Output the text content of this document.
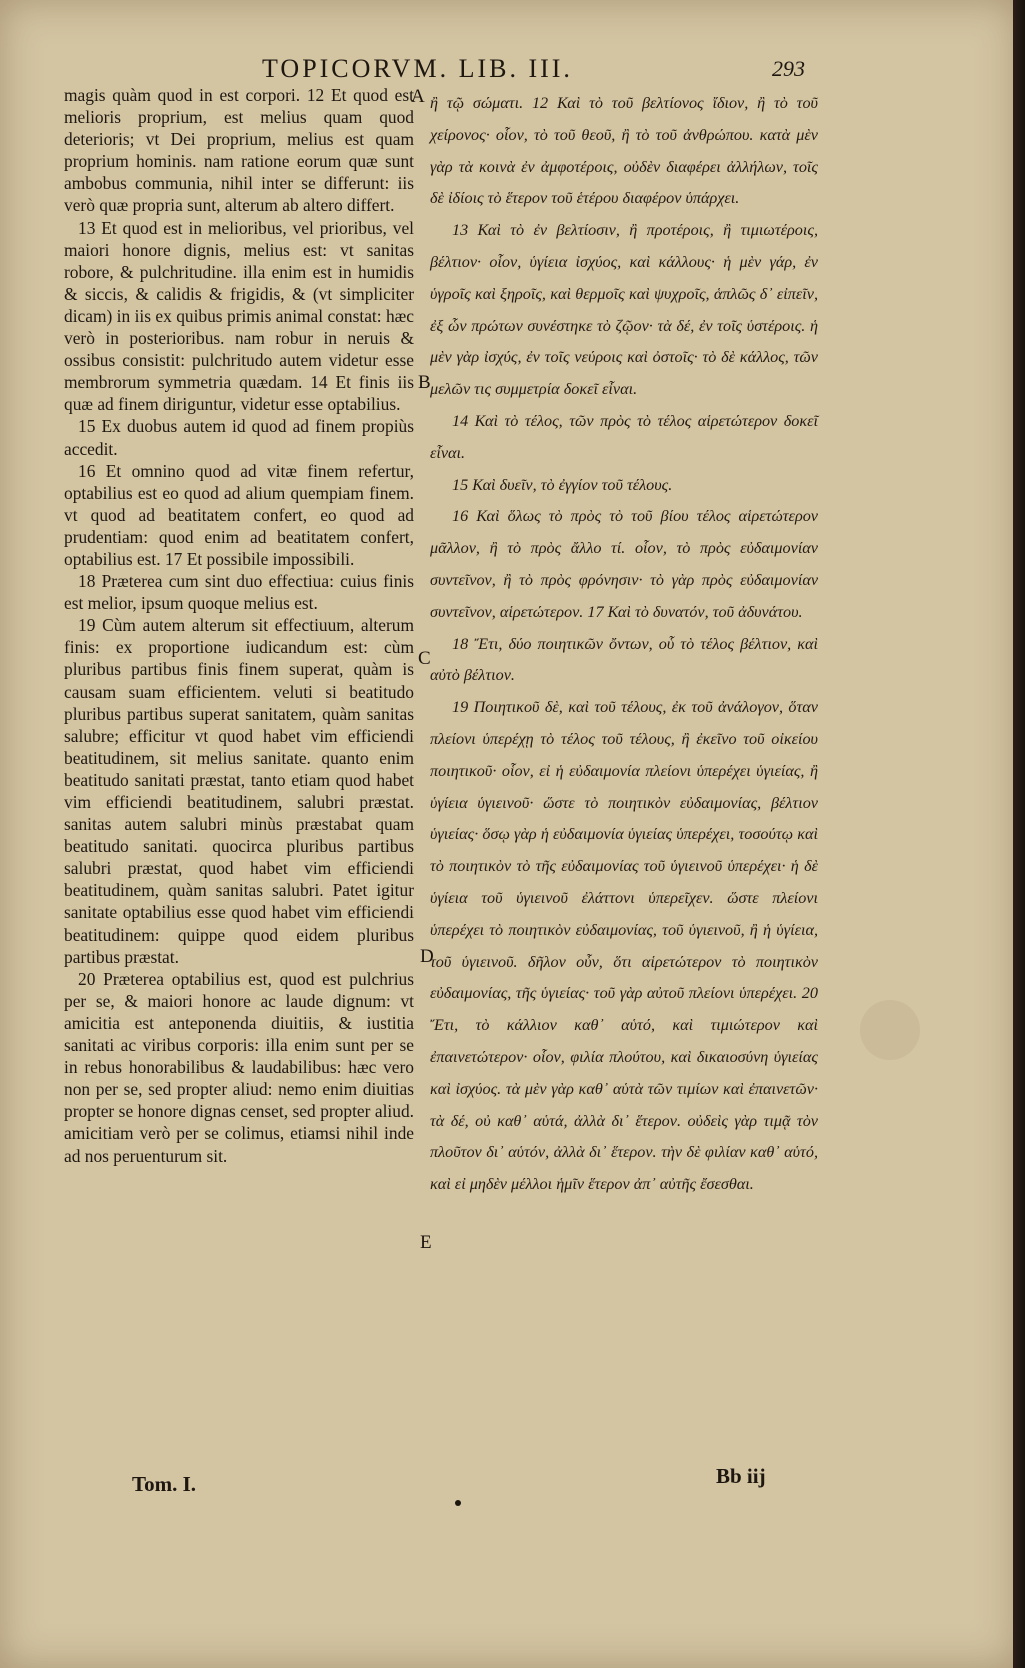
TOPICORVM. LIB. III.	293

magis quàm quod in est corpori. 12 Et quod est melioris proprium, est melius quam quod deterioris; vt Dei proprium, melius est quam proprium hominis. nam ratione eorum quæ sunt ambobus communia, nihil inter se differunt: iis verò quæ propria sunt, alterum ab altero differt.

13 Et quod est in melioribus, vel prioribus, vel maiori honore dignis, melius est: vt sanitas robore, & pulchritudine. illa enim est in humidis & siccis, & calidis & frigidis, & (vt simpliciter dicam) in iis ex quibus primis animal constat: hæc verò in posterioribus. nam robur in neruis & ossibus consistit: pulchritudo autem videtur esse membrorum symmetria quædam. 14 Et finis iis quæ ad finem diriguntur, videtur esse optabilius.

15 Ex duobus autem id quod ad finem propiùs accedit.

16 Et omnino quod ad vitæ finem refertur, optabilius est eo quod ad alium quempiam finem. vt quod ad beatitatem confert, eo quod ad prudentiam: quod enim ad beatitatem confert, optabilius est. 17 Et possibile impossibili.

18 Præterea cum sint duo effectiua: cuius finis est melior, ipsum quoque melius est.

19 Cùm autem alterum sit effectiuum, alterum finis: ex proportione iudicandum est: cùm pluribus partibus finis finem superat, quàm is causam suam efficientem. veluti si beatitudo pluribus partibus superat sanitatem, quàm sanitas salubre; efficitur vt quod habet vim efficiendi beatitudinem, sit melius sanitate. quanto enim beatitudo sanitati præstat, tanto etiam quod habet vim efficiendi beatitudinem, salubri præstat. sanitas autem salubri minùs præstabat quam beatitudo sanitati. quocirca pluribus partibus salubri præstat, quod habet vim efficiendi beatitudinem, quàm sanitas salubri. Patet igitur sanitate optabilius esse quod habet vim efficiendi beatitudinem: quippe quod eidem pluribus partibus præstat.

20 Præterea optabilius est, quod est pulchrius per se, & maiori honore ac laude dignum: vt amicitia est anteponenda diuitiis, & iustitia sanitati ac viribus corporis: illa enim sunt per se in rebus honorabilibus & laudabilibus: hæc vero non per se, sed propter aliud: nemo enim diuitias propter se honore dignas censet, sed propter aliud. amicitiam verò per se colimus, etiamsi nihil inde ad nos peruenturum sit.

A
B
C
D
E

ἢ τῷ σώματι. 12 Καὶ τὸ τοῦ βελτίονος ἴδιον, ἢ τὸ τοῦ χείρονος· οἷον, τὸ τοῦ θεοῦ, ἢ τὸ τοῦ ἀνθρώπου. κατὰ μὲν γὰρ τὰ κοινὰ ἐν ἀμφοτέροις, οὐδὲν διαφέρει ἀλλήλων, τοῖς δὲ ἰδίοις τὸ ἕτερον τοῦ ἑτέρου διαφέρον ὑπάρχει.

13 Καὶ τὸ ἐν βελτίοσιν, ἢ προτέροις, ἢ τιμιωτέροις, βέλτιον· οἷον, ὑγίεια ἰσχύος, καὶ κάλλους· ἡ μὲν γάρ, ἐν ὑγροῖς καὶ ξηροῖς, καὶ θερμοῖς καὶ ψυχροῖς, ἁπλῶς δ᾽ εἰπεῖν, ἐξ ὧν πρώτων συνέστηκε τὸ ζῷον· τὰ δέ, ἐν τοῖς ὑστέροις. ἡ μὲν γὰρ ἰσχύς, ἐν τοῖς νεύροις καὶ ὀστοῖς· τὸ δὲ κάλλος, τῶν μελῶν τις συμμετρία δοκεῖ εἶναι.

14 Καὶ τὸ τέλος, τῶν πρὸς τὸ τέλος αἱρετώτερον δοκεῖ εἶναι.

15 Καὶ δυεῖν, τὸ ἐγγίον τοῦ τέλους.

16 Καὶ ὅλως τὸ πρὸς τὸ τοῦ βίου τέλος αἱρετώτερον μᾶλλον, ἢ τὸ πρὸς ἄλλο τί. οἷον, τὸ πρὸς εὐδαιμονίαν συντεῖνον, ἢ τὸ πρὸς φρόνησιν· τὸ γὰρ πρὸς εὐδαιμονίαν συντεῖνον, αἱρετώτερον. 17 Καὶ τὸ δυνατόν, τοῦ ἀδυνάτου.

18 Ἔτι, δύο ποιητικῶν ὄντων, οὗ τὸ τέλος βέλτιον, καὶ αὐτὸ βέλτιον.

19 Ποιητικοῦ δὲ, καὶ τοῦ τέλους, ἐκ τοῦ ἀνάλογον, ὅταν πλείονι ὑπερέχῃ τὸ τέλος τοῦ τέλους, ἢ ἐκεῖνο τοῦ οἰκείου ποιητικοῦ· οἷον, εἰ ἡ εὐδαιμονία πλείονι ὑπερέχει ὑγιείας, ἢ ὑγίεια ὑγιεινοῦ· ὥστε τὸ ποιητικὸν εὐδαιμονίας, βέλτιον ὑγιείας· ὅσῳ γὰρ ἡ εὐδαιμονία ὑγιείας ὑπερέχει, τοσούτῳ καὶ τὸ ποιητικὸν τὸ τῆς εὐδαιμονίας τοῦ ὑγιεινοῦ ὑπερέχει· ἡ δὲ ὑγίεια τοῦ ὑγιεινοῦ ἐλάττονι ὑπερεῖχεν. ὥστε πλείονι ὑπερέχει τὸ ποιητικὸν εὐδαιμονίας, τοῦ ὑγιεινοῦ, ἢ ἡ ὑγίεια, τοῦ ὑγιεινοῦ. δῆλον οὖν, ὅτι αἱρετώτερον τὸ ποιητικὸν εὐδαιμονίας, τῆς ὑγιείας· τοῦ γὰρ αὐτοῦ πλείονι ὑπερέχει. 20 Ἔτι, τὸ κάλλιον καθ᾽ αὑτό, καὶ τιμιώτερον καὶ ἐπαινετώτερον· οἷον, φιλία πλούτου, καὶ δικαιοσύνη ὑγιείας καὶ ἰσχύος. τὰ μὲν γὰρ καθ᾽ αὑτὰ τῶν τιμίων καὶ ἐπαινετῶν· τὰ δέ, οὐ καθ᾽ αὑτά, ἀλλὰ δι᾽ ἕτερον. οὐδεὶς γὰρ τιμᾷ τὸν πλοῦτον δι᾽ αὑτόν, ἀλλὰ δι᾽ ἕτερον. τὴν δὲ φιλίαν καθ᾽ αὑτό, καὶ εἰ μηδὲν μέλλοι ἡμῖν ἕτερον ἀπ᾽ αὐτῆς ἔσεσθαι.

Tom. I.	Bb iij
